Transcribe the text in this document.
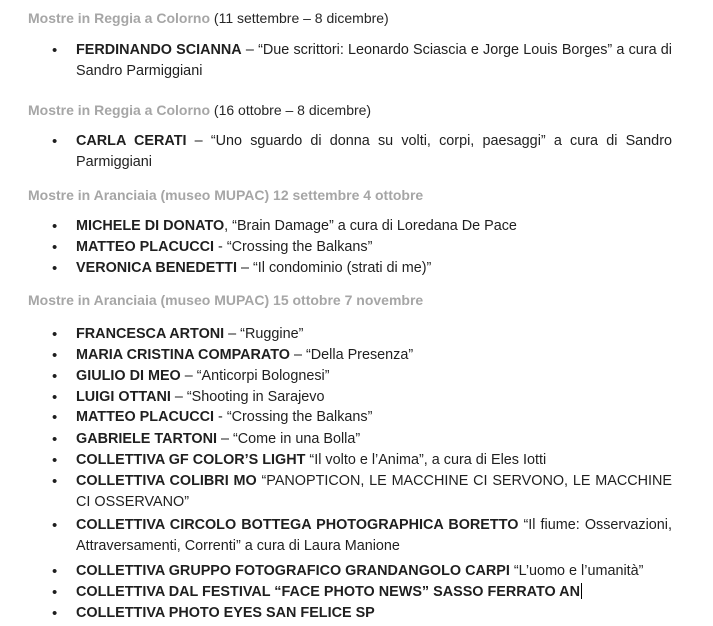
Mostre in Reggia a Colorno (11 settembre – 8 dicembre)
•	FERDINANDO SCIANNA – “Due scrittori: Leonardo Sciascia e Jorge Louis Borges” a cura di Sandro Parmiggiani
Mostre in Reggia a Colorno (16 ottobre – 8 dicembre)
•	CARLA CERATI – “Uno sguardo di donna su volti, corpi, paesaggi” a cura di Sandro Parmiggiani
Mostre in Aranciaia (museo MUPAC) 12 settembre 4 ottobre
•	MICHELE DI DONATO, “Brain Damage” a cura di Loredana De Pace
•	MATTEO PLACUCCI - “Crossing the Balkans”
•	VERONICA BENEDETTI – “Il condominio (strati di me)”
Mostre in Aranciaia (museo MUPAC) 15 ottobre 7 novembre
•	FRANCESCA ARTONI – “Ruggine”
•	MARIA CRISTINA COMPARATO – “Della Presenza”
•	GIULIO DI MEO – “Anticorpi Bolognesi”
•	LUIGI OTTANI – “Shooting in Sarajevo
•	MATTEO PLACUCCI - “Crossing the Balkans”
•	GABRIELE TARTONI – “Come in una Bolla”
•	COLLETTIVA GF COLOR’S LIGHT “Il volto e l’Anima”, a cura di Eles Iotti
•	COLLETTIVA COLIBRI MO “PANOPTICON, LE MACCHINE CI SERVONO, LE MACCHINE CI OSSERVANO”
•	COLLETTIVA CIRCOLO BOTTEGA PHOTOGRAPHICA BORETTO “Il fiume: Osservazioni, Attraversamenti, Correnti” a cura di Laura Manione
•	COLLETTIVA GRUPPO FOTOGRAFICO GRANDANGOLO CARPI “L’uomo e l’umanità”
•	COLLETTIVA DAL FESTIVAL “FACE PHOTO NEWS” SASSO FERRATO AN
•	COLLETTIVA PHOTO EYES SAN FELICE SP
